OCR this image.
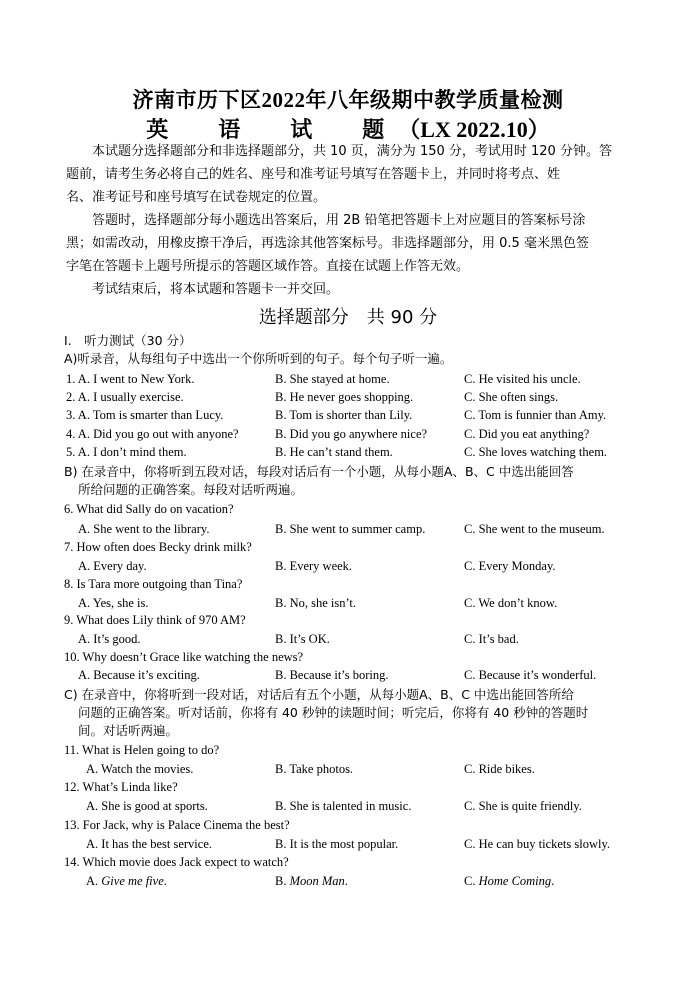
济南市历下区2022年八年级期中教学质量检测
英　语　试　题（LX 2022.10）
本试题分选择题部分和非选择题部分，共 10 页，满分为 150 分，考试用时 120 分钟。答
题前，请考生务必将自己的姓名、座号和准考证号填写在答题卡上，并同时将考点、姓
名、准考证号和座号填写在试卷规定的位置。
答题时，选择题部分每小题选出答案后，用 2B 铅笔把答题卡上对应题目的答案标号涂
黑；如需改动，用橡皮擦干净后，再选涂其他答案标号。非选择题部分，用 0.5 毫米黑色签
字笔在答题卡上题号所提示的答题区域作答。直接在试题上作答无效。
考试结束后，将本试题和答题卡一并交回。
选择题部分　共 90 分
I.　听力测试（30 分）
A)听录音，从每组句子中选出一个你所听到的句子。每个句子听一遍。
1. A. I went to New York.	B. She stayed at home.	C. He visited his uncle.
2. A. I usually exercise.	B. He never goes shopping.	C. She often sings.
3. A. Tom is smarter than Lucy.	B. Tom is shorter than Lily.	C. Tom is funnier than Amy.
4. A. Did you go out with anyone?	B. Did you go anywhere nice?	C. Did you eat anything?
5. A. I don’t mind them.	B. He can’t stand them.	C. She loves watching them.
B) 在录音中，你将听到五段对话，每段对话后有一个小题，从每小题A、B、C 中选出能回答
所给问题的正确答案。每段对话听两遍。
6. What did Sally do on vacation?
A. She went to the library.	B. She went to summer camp.	C. She went to the museum.
7. How often does Becky drink milk?
A. Every day.	B. Every week.	C. Every Monday.
8. Is Tara more outgoing than Tina?
A. Yes, she is.	B. No, she isn’t.	C. We don’t know.
9. What does Lily think of 970 AM?
A. It’s good.	B. It’s OK.	C. It’s bad.
10. Why doesn’t Grace like watching the news?
A. Because it’s exciting.	B. Because it’s boring.	C. Because it’s wonderful.
C) 在录音中，你将听到一段对话，对话后有五个小题，从每小题A、B、C 中选出能回答所给
问题的正确答案。听对话前，你将有 40 秒钟的读题时间；听完后，你将有 40 秒钟的答题时
间。对话听两遍。
11. What is Helen going to do?
A. Watch the movies.	B. Take photos.	C. Ride bikes.
12. What’s Linda like?
A. She is good at sports.	B. She is talented in music.	C. She is quite friendly.
13. For Jack, why is Palace Cinema the best?
A. It has the best service.	B. It is the most popular.	C. He can buy tickets slowly.
14. Which movie does Jack expect to watch?
A. Give me five.	B. Moon Man.	C. Home Coming.
